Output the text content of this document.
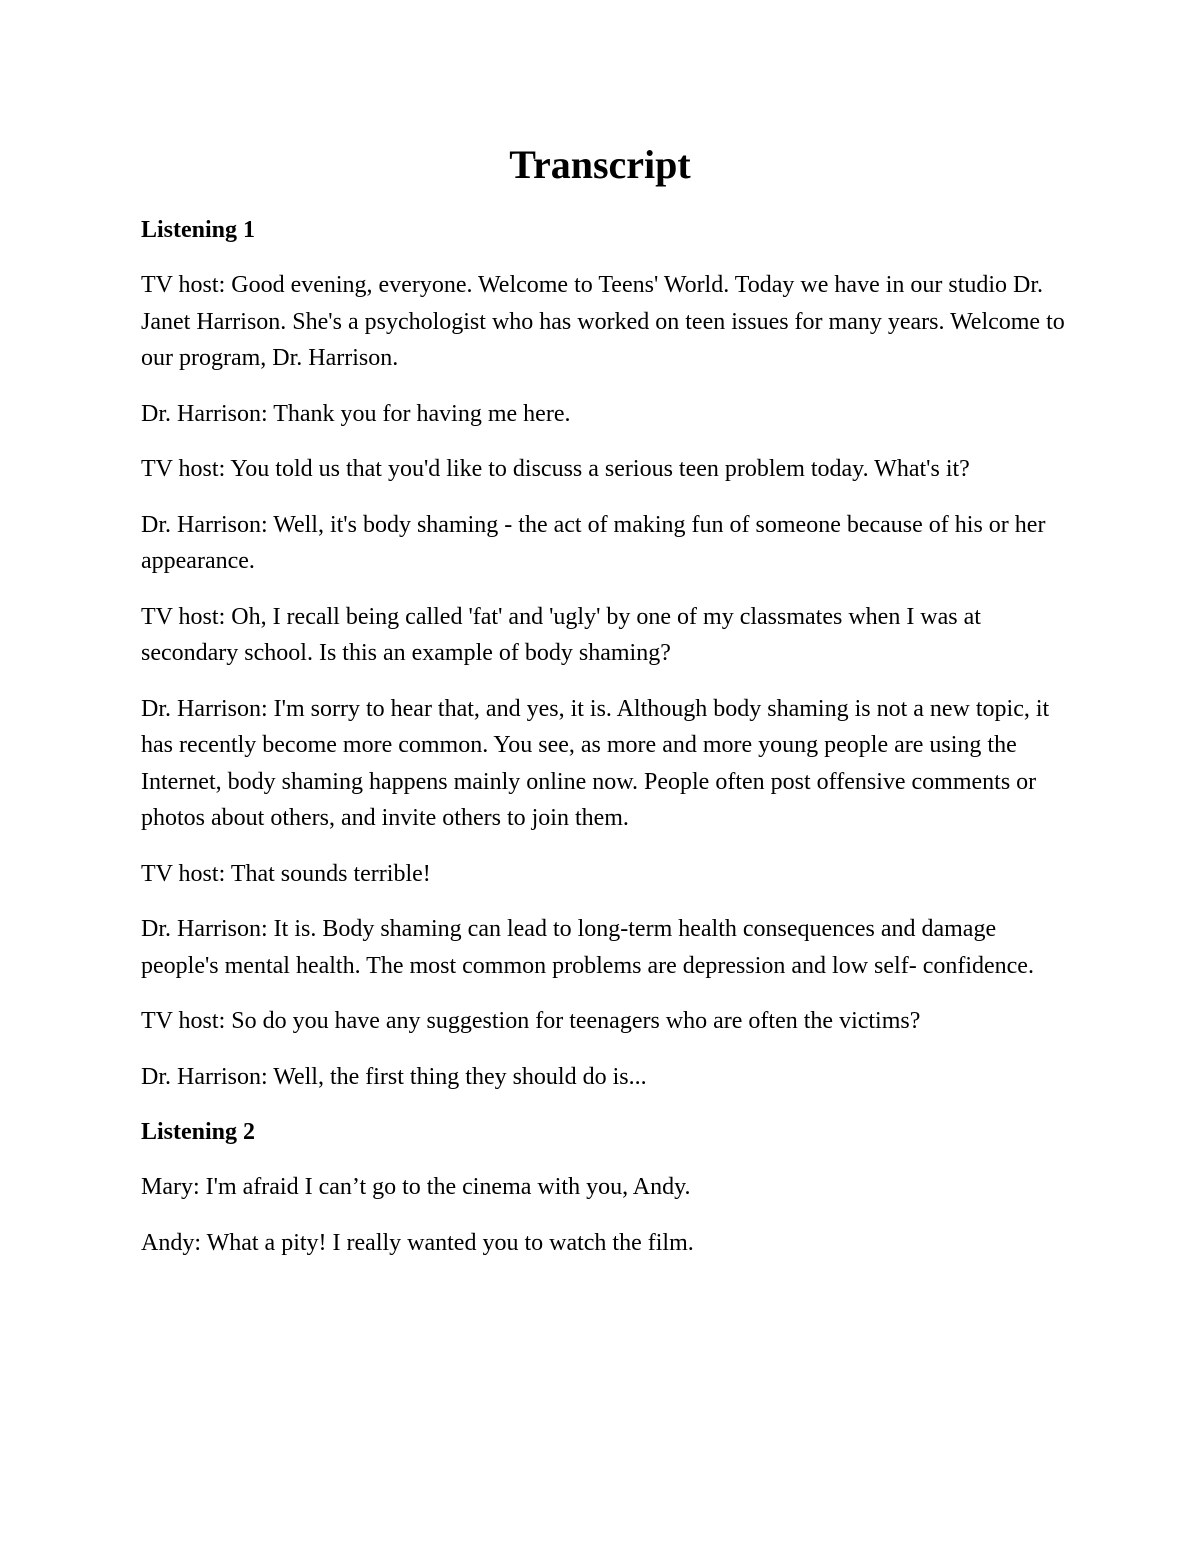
Transcript

Listening 1

TV host: Good evening, everyone. Welcome to Teens' World. Today we have in our studio Dr. Janet Harrison. She's a psychologist who has worked on teen issues for many years. Welcome to our program, Dr. Harrison.

Dr. Harrison: Thank you for having me here.

TV host: You told us that you'd like to discuss a serious teen problem today. What's it?

Dr. Harrison: Well, it's body shaming - the act of making fun of someone because of his or her appearance.

TV host: Oh, I recall being called 'fat' and 'ugly' by one of my classmates when I was at secondary school. Is this an example of body shaming?

Dr. Harrison: I'm sorry to hear that, and yes, it is. Although body shaming is not a new topic, it has recently become more common. You see, as more and more young people are using the Internet, body shaming happens mainly online now. People often post offensive comments or photos about others, and invite others to join them.

TV host: That sounds terrible!

Dr. Harrison: It is. Body shaming can lead to long-term health consequences and damage people's mental health. The most common problems are depression and low self- confidence.

TV host: So do you have any suggestion for teenagers who are often the victims?

Dr. Harrison: Well, the first thing they should do is...

Listening 2

Mary: I'm afraid I can’t go to the cinema with you, Andy.

Andy: What a pity! I really wanted you to watch the film.
